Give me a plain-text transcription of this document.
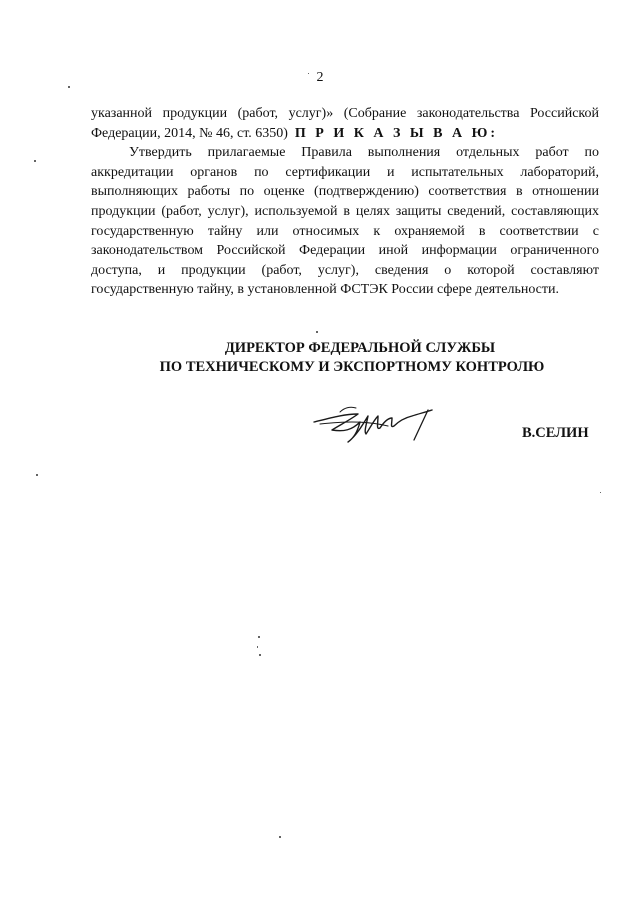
2

указанной продукции (работ, услуг)» (Собрание законодательства Российской Федерации, 2014, № 46, ст. 6350) П Р И К А З Ы В А Ю:

Утвердить прилагаемые Правила выполнения отдельных работ по аккредитации органов по сертификации и испытательных лабораторий, выполняющих работы по оценке (подтверждению) соответствия в отношении продукции (работ, услуг), используемой в целях защиты сведений, составляющих государственную тайну или относимых к охраняемой в соответствии с законодательством Российской Федерации иной информации ограниченного доступа, и продукции (работ, услуг), сведения о которой составляют государственную тайну, в установленной ФСТЭК России сфере деятельности.

ДИРЕКТОР ФЕДЕРАЛЬНОЙ СЛУЖБЫ
ПО ТЕХНИЧЕСКОМУ И ЭКСПОРТНОМУ КОНТРОЛЮ
В.СЕЛИН
